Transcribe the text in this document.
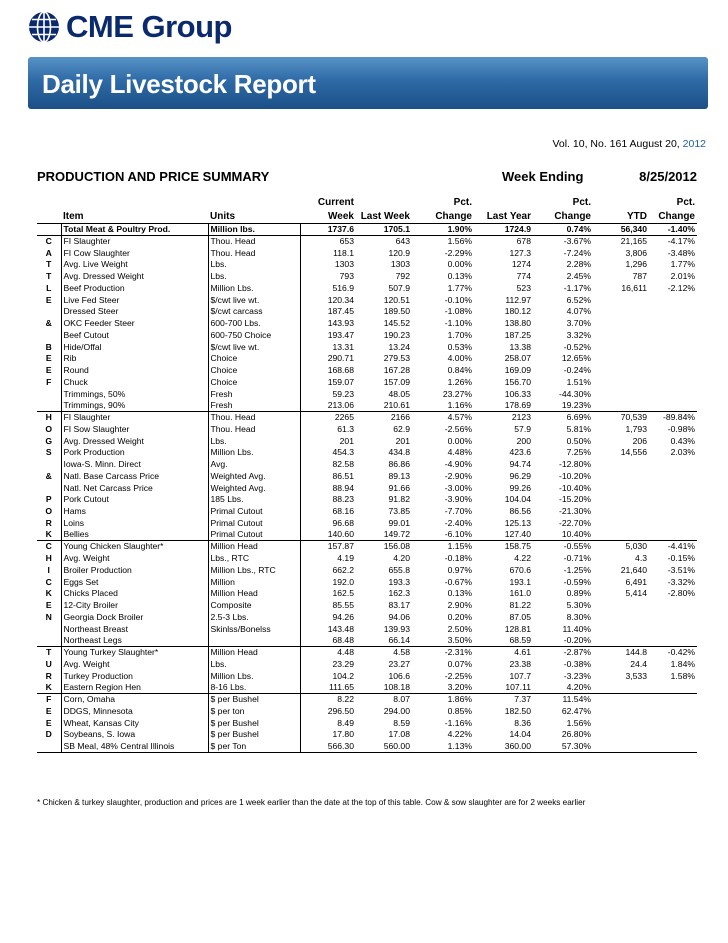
CME Group
Daily Livestock Report
Vol. 10, No. 161 August 20, 2012
PRODUCTION AND PRICE SUMMARY	Week Ending	8/25/2012
			Current		Pct.		Pct.		Pct.
	Item	Units	Week	Last Week	Change	Last Year	Change	YTD	Change
	Total Meat & Poultry Prod.	Million lbs.	1737.6	1705.1	1.90%	1724.9	0.74%	56,340	-1.40%
C	FI Slaughter	Thou. Head	653	643	1.56%	678	-3.67%	21,165	-4.17%
A	FI Cow Slaughter	Thou. Head	118.1	120.9	-2.29%	127.3	-7.24%	3,806	-3.48%
T	Avg. Live Weight	Lbs.	1303	1303	0.00%	1274	2.28%	1,296	1.77%
T	Avg. Dressed Weight	Lbs.	793	792	0.13%	774	2.45%	787	2.01%
L	Beef Production	Million Lbs.	516.9	507.9	1.77%	523	-1.17%	16,611	-2.12%
E	Live Fed Steer	$/cwt live wt.	120.34	120.51	-0.10%	112.97	6.52%		
	Dressed Steer	$/cwt carcass	187.45	189.50	-1.08%	180.12	4.07%		
&	OKC Feeder Steer	600-700 Lbs.	143.93	145.52	-1.10%	138.80	3.70%		
	Beef Cutout	600-750 Choice	193.47	190.23	1.70%	187.25	3.32%		
B	Hide/Offal	$/cwt live wt.	13.31	13.24	0.53%	13.38	-0.52%		
E	Rib	Choice	290.71	279.53	4.00%	258.07	12.65%		
E	Round	Choice	168.68	167.28	0.84%	169.09	-0.24%		
F	Chuck	Choice	159.07	157.09	1.26%	156.70	1.51%		
	Trimmings, 50%	Fresh	59.23	48.05	23.27%	106.33	-44.30%		
	Trimmings, 90%	Fresh	213.06	210.61	1.16%	178.69	19.23%		
H	FI Slaughter	Thou. Head	2265	2166	4.57%	2123	6.69%	70,539	-89.84%
O	FI Sow Slaughter	Thou. Head	61.3	62.9	-2.56%	57.9	5.81%	1,793	-0.98%
G	Avg. Dressed Weight	Lbs.	201	201	0.00%	200	0.50%	206	0.43%
S	Pork Production	Million Lbs.	454.3	434.8	4.48%	423.6	7.25%	14,556	2.03%
	Iowa-S. Minn. Direct	Avg.	82.58	86.86	-4.90%	94.74	-12.80%		
&	Natl. Base Carcass Price	Weighted Avg.	86.51	89.13	-2.90%	96.29	-10.20%		
	Natl. Net Carcass Price	Weighted Avg.	88.94	91.66	-3.00%	99.26	-10.40%		
P	Pork Cutout	185 Lbs.	88.23	91.82	-3.90%	104.04	-15.20%		
O	Hams	Primal Cutout	68.16	73.85	-7.70%	86.56	-21.30%		
R	Loins	Primal Cutout	96.68	99.01	-2.40%	125.13	-22.70%		
K	Bellies	Primal Cutout	140.60	149.72	-6.10%	127.40	10.40%		
C	Young Chicken Slaughter*	Million Head	157.87	156.08	1.15%	158.75	-0.55%	5,030	-4.41%
H	Avg. Weight	Lbs., RTC	4.19	4.20	-0.18%	4.22	-0.71%	4.3	-0.15%
I	Broiler Production	Million Lbs., RTC	662.2	655.8	0.97%	670.6	-1.25%	21,640	-3.51%
C	Eggs Set	Million	192.0	193.3	-0.67%	193.1	-0.59%	6,491	-3.32%
K	Chicks Placed	Million Head	162.5	162.3	0.13%	161.0	0.89%	5,414	-2.80%
E	12-City Broiler	Composite	85.55	83.17	2.90%	81.22	5.30%		
N	Georgia Dock Broiler	2.5-3 Lbs.	94.26	94.06	0.20%	87.05	8.30%		
	Northeast Breast	Skinlss/Bonelss	143.48	139.93	2.50%	128.81	11.40%		
	Northeast Legs		68.48	66.14	3.50%	68.59	-0.20%		
T	Young Turkey Slaughter*	Million Head	4.48	4.58	-2.31%	4.61	-2.87%	144.8	-0.42%
U	Avg. Weight	Lbs.	23.29	23.27	0.07%	23.38	-0.38%	24.4	1.84%
R	Turkey Production	Million Lbs.	104.2	106.6	-2.25%	107.7	-3.23%	3,533	1.58%
K	Eastern Region Hen	8-16 Lbs.	111.65	108.18	3.20%	107.11	4.20%		
F	Corn, Omaha	$ per Bushel	8.22	8.07	1.86%	7.37	11.54%		
E	DDGS, Minnesota	$ per ton	296.50	294.00	0.85%	182.50	62.47%		
E	Wheat, Kansas City	$ per Bushel	8.49	8.59	-1.16%	8.36	1.56%		
D	Soybeans, S. Iowa	$ per Bushel	17.80	17.08	4.22%	14.04	26.80%		
	SB Meal, 48% Central Illinois	$ per Ton	566.30	560.00	1.13%	360.00	57.30%		
* Chicken & turkey slaughter, production and prices are 1 week earlier than the date at the top of this table. Cow & sow slaughter are for 2 weeks earlier
